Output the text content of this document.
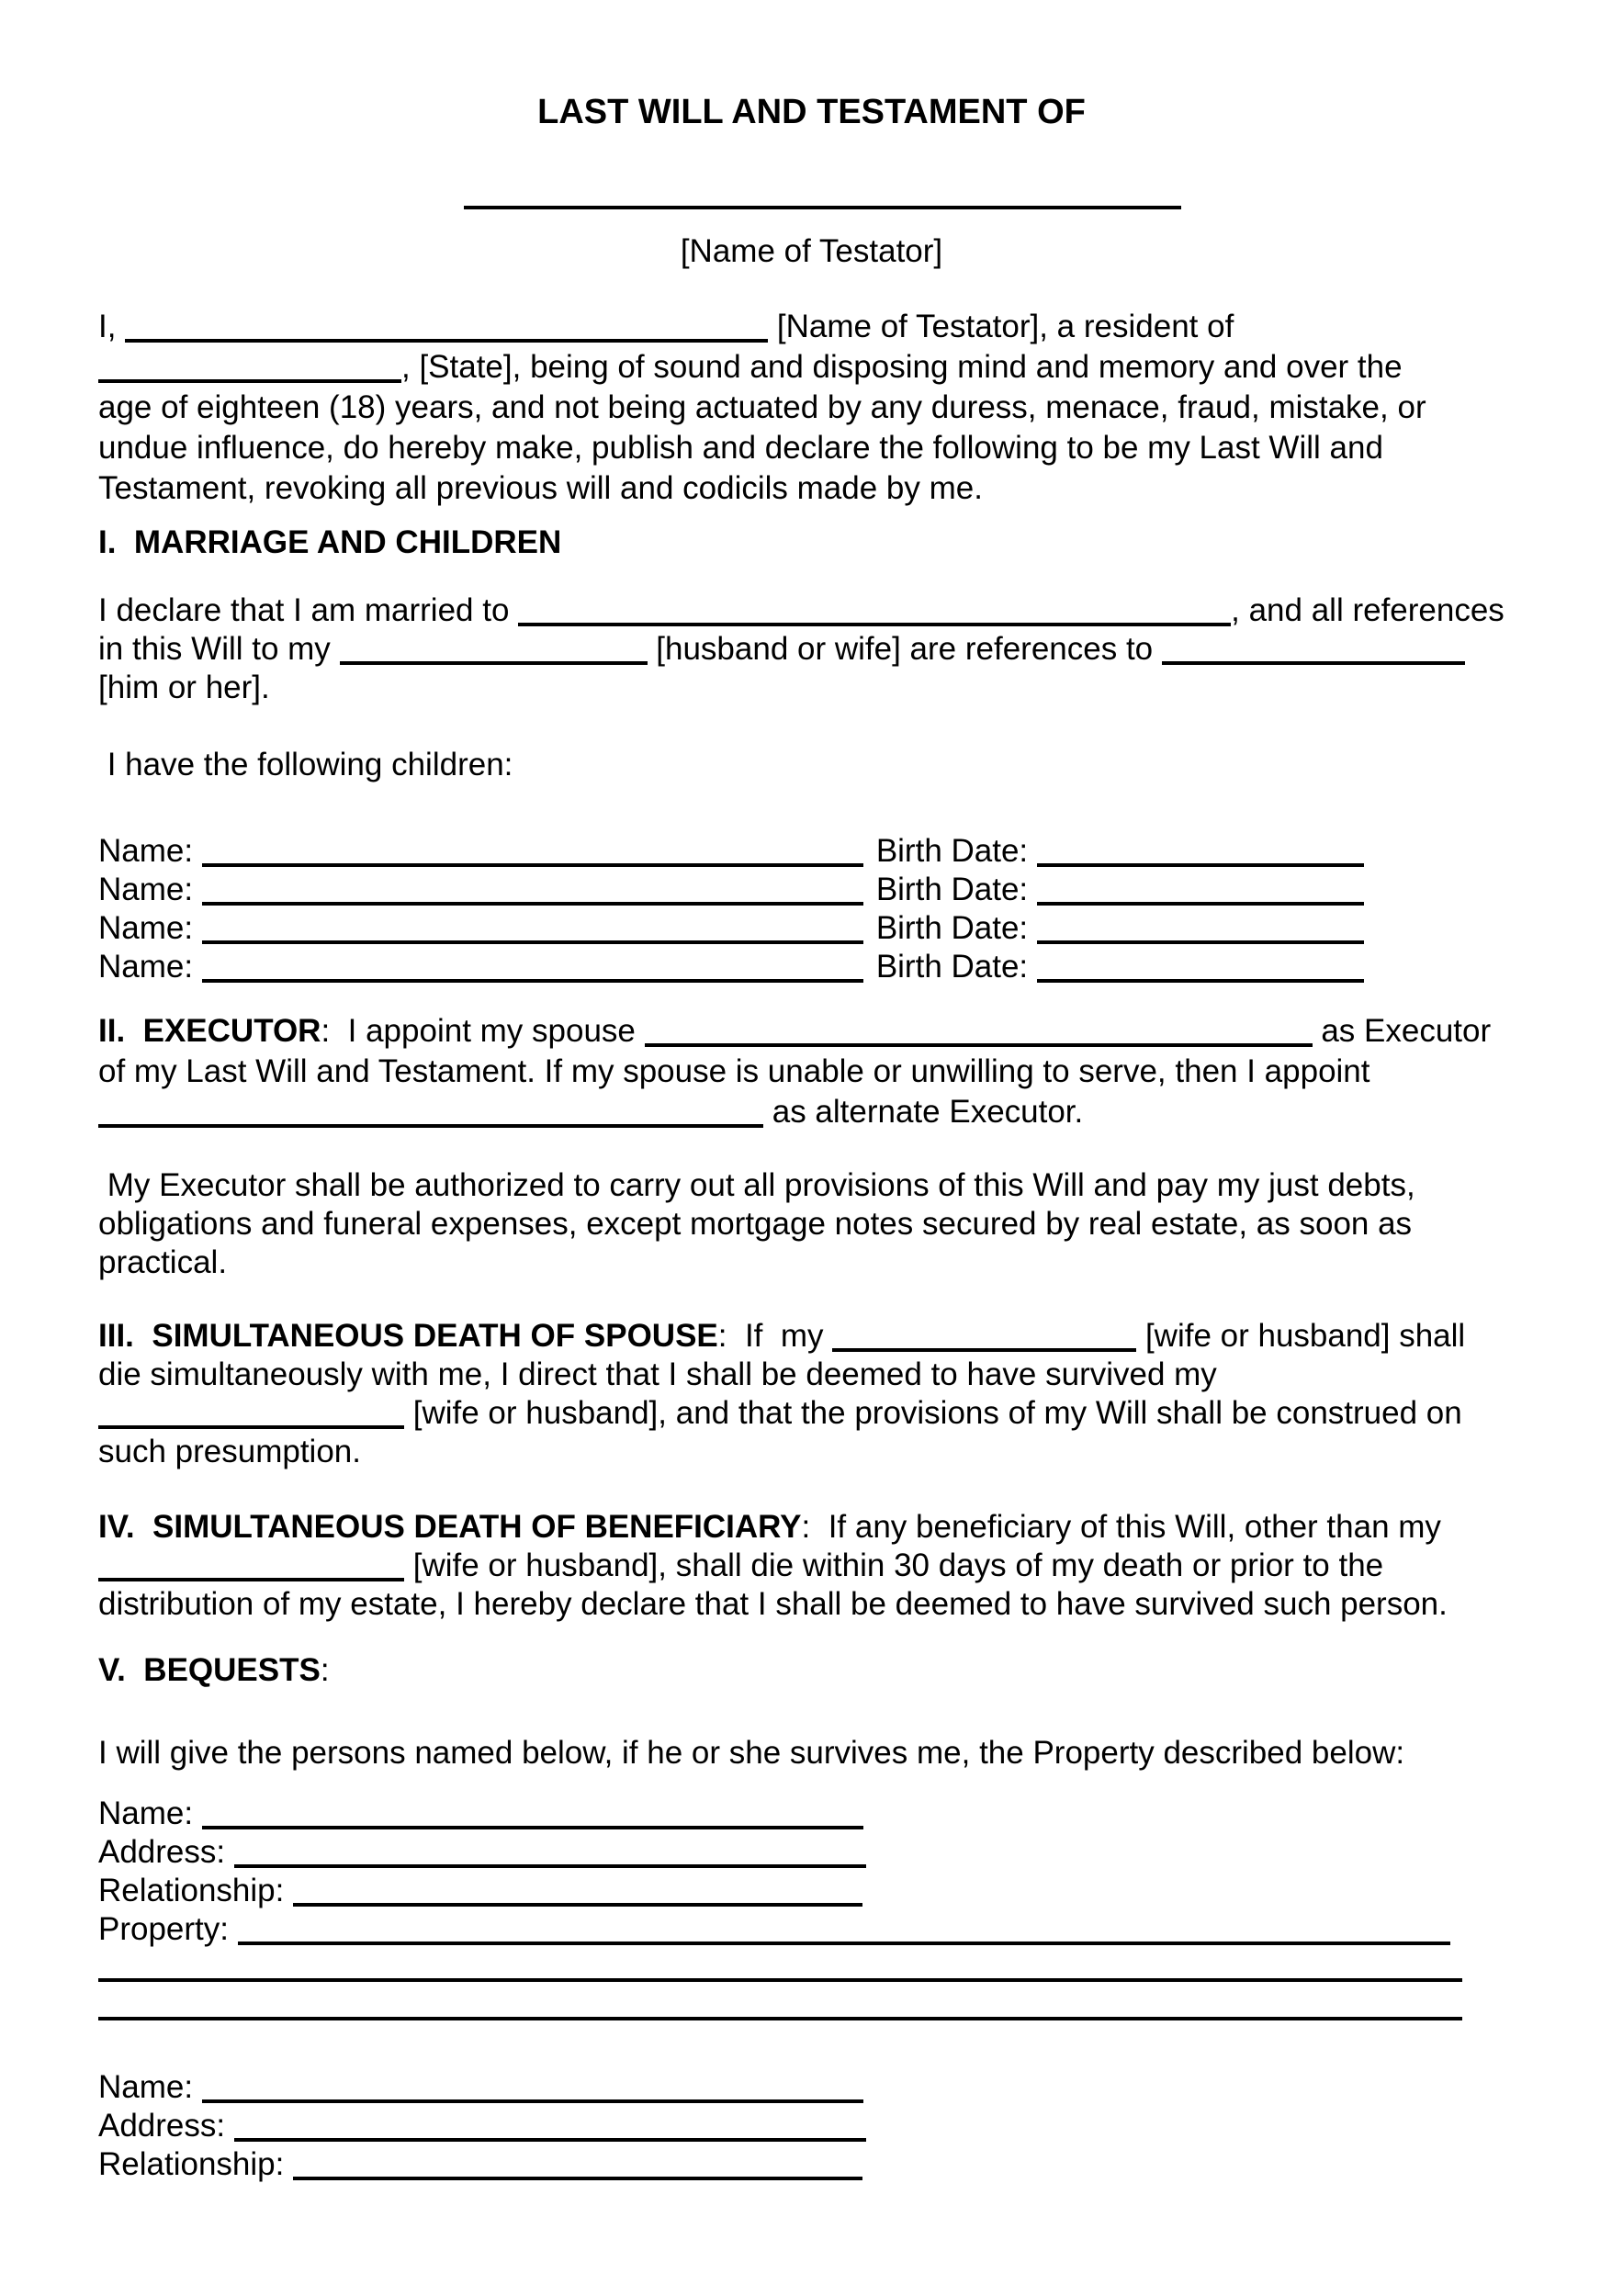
LAST WILL AND TESTAMENT OF
[Name of Testator]
I,	[Name of Testator], a resident of
, [State], being of sound and disposing mind and memory and over the
age of eighteen (18) years, and not being actuated by any duress, menace, fraud, mistake, or
undue influence, do hereby make, publish and declare the following to be my Last Will and
Testament, revoking all previous will and codicils made by me.
I.  MARRIAGE AND CHILDREN
I declare that I am married to	, and all references
in this Will to my	[husband or wife] are references to
[him or her].
I have the following children:
Name:	Birth Date:
Name:	Birth Date:
Name:	Birth Date:
Name:	Birth Date:
II.  EXECUTOR:  I appoint my spouse	as Executor
of my Last Will and Testament. If my spouse is unable or unwilling to serve, then I appoint
as alternate Executor.
My Executor shall be authorized to carry out all provisions of this Will and pay my just debts,
obligations and funeral expenses, except mortgage notes secured by real estate, as soon as
practical.
III.  SIMULTANEOUS DEATH OF SPOUSE:  If  my	[wife or husband] shall
die simultaneously with me, I direct that I shall be deemed to have survived my
[wife or husband], and that the provisions of my Will shall be construed on
such presumption.
IV.  SIMULTANEOUS DEATH OF BENEFICIARY:  If any beneficiary of this Will, other than my
[wife or husband], shall die within 30 days of my death or prior to the
distribution of my estate, I hereby declare that I shall be deemed to have survived such person.
V.  BEQUESTS:
I will give the persons named below, if he or she survives me, the Property described below:
Name:
Address:
Relationship:
Property:
Name:
Address:
Relationship:
